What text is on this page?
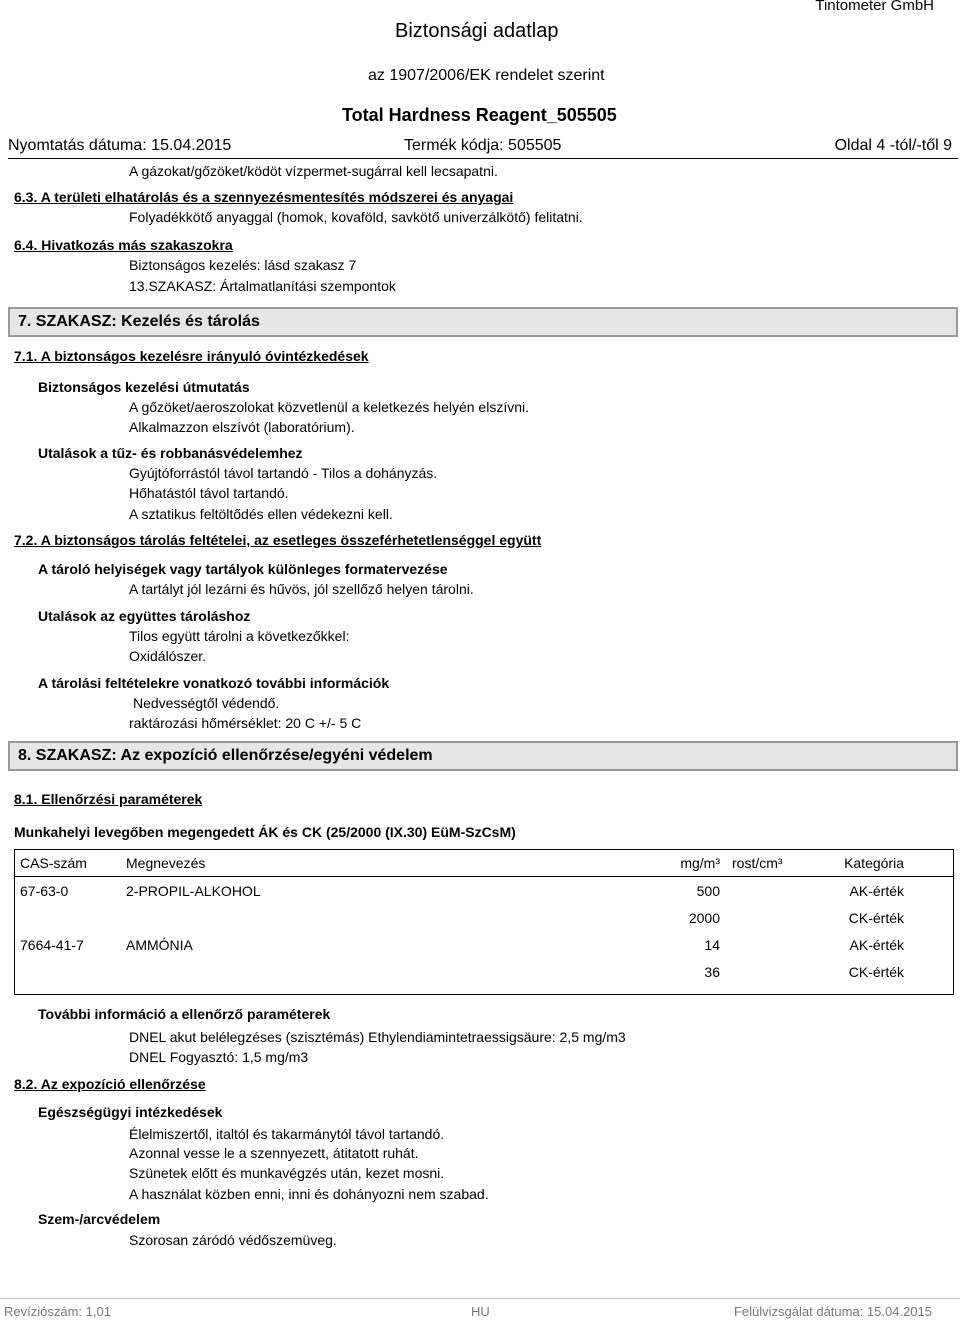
Biztonsági adatlap
Tintometer GmbH
az 1907/2006/EK rendelet szerint
Total Hardness Reagent_505505
Nyomtatás dátuma: 15.04.2015	Termék kódja: 505505	Oldal 4 -tól/-től 9
A gázokat/gőzöket/ködöt vízpermet-sugárral kell lecsapatni.
6.3. A területi elhatárolás és a szennyezésmentesítés módszerei és anyagai
Folyadékkötő anyaggal (homok, kovaföld, savkötő univerzálkötő) felitatni.
6.4. Hivatkozás más szakaszokra
Biztonságos kezelés: lásd szakasz 7
13.SZAKASZ: Ártalmatlanítási szempontok
7. SZAKASZ: Kezelés és tárolás
7.1. A biztonságos kezelésre irányuló óvintézkedések
Biztonságos kezelési útmutatás
A gőzöket/aeroszolokat közvetlenül a keletkezés helyén elszívni.
Alkalmazzon elszívót (laboratórium).
Utalások a tűz- és robbanásvédelemhez
Gyújtóforrástól távol tartandó - Tilos a dohányzás.
Hőhatástól távol tartandó.
A sztatikus feltöltődés ellen védekezni kell.
7.2. A biztonságos tárolás feltételei, az esetleges összeférhetetlenséggel együtt
A tároló helyiségek vagy tartályok különleges formatervezése
A tartályt jól lezárni és hűvös, jól szellőző helyen tárolni.
Utalások az együttes tároláshoz
Tilos együtt tárolni a következőkkel:
Oxidálószer.
A tárolási feltételekre vonatkozó további információk
Nedvességtől védendő.
raktározási hőmérséklet: 20 C +/- 5 C
8. SZAKASZ: Az expozíció ellenőrzése/egyéni védelem
8.1. Ellenőrzési paraméterek
Munkahelyi levegőben megengedett ÁK és CK (25/2000 (IX.30) EüM-SzCsM)
CAS-szám	Megnevezés	mg/m³	rost/cm³	Kategória
67-63-0	2-PROPIL-ALKOHOL	500		AK-érték
		2000		CK-érték
7664-41-7	AMMÓNIA	14		AK-érték
		36		CK-érték
További információ a ellenőrző paraméterek
DNEL akut belélegzéses (szisztémás) Ethylendiamintetraessigsäure: 2,5 mg/m3
DNEL Fogyasztó: 1,5 mg/m3
8.2. Az expozíció ellenőrzése
Egészségügyi intézkedések
Élelmiszertől, italtól és takarmánytól távol tartandó.
Azonnal vesse le a szennyezett, átitatott ruhát.
Szünetek előtt és munkavégzés után, kezet mosni.
A használat közben enni, inni és dohányozni nem szabad.
Szem-/arcvédelem
Szorosan záródó védőszemüveg.
Revíziószám: 1,01	HU	Felülvizsgálat dátuma: 15.04.2015
